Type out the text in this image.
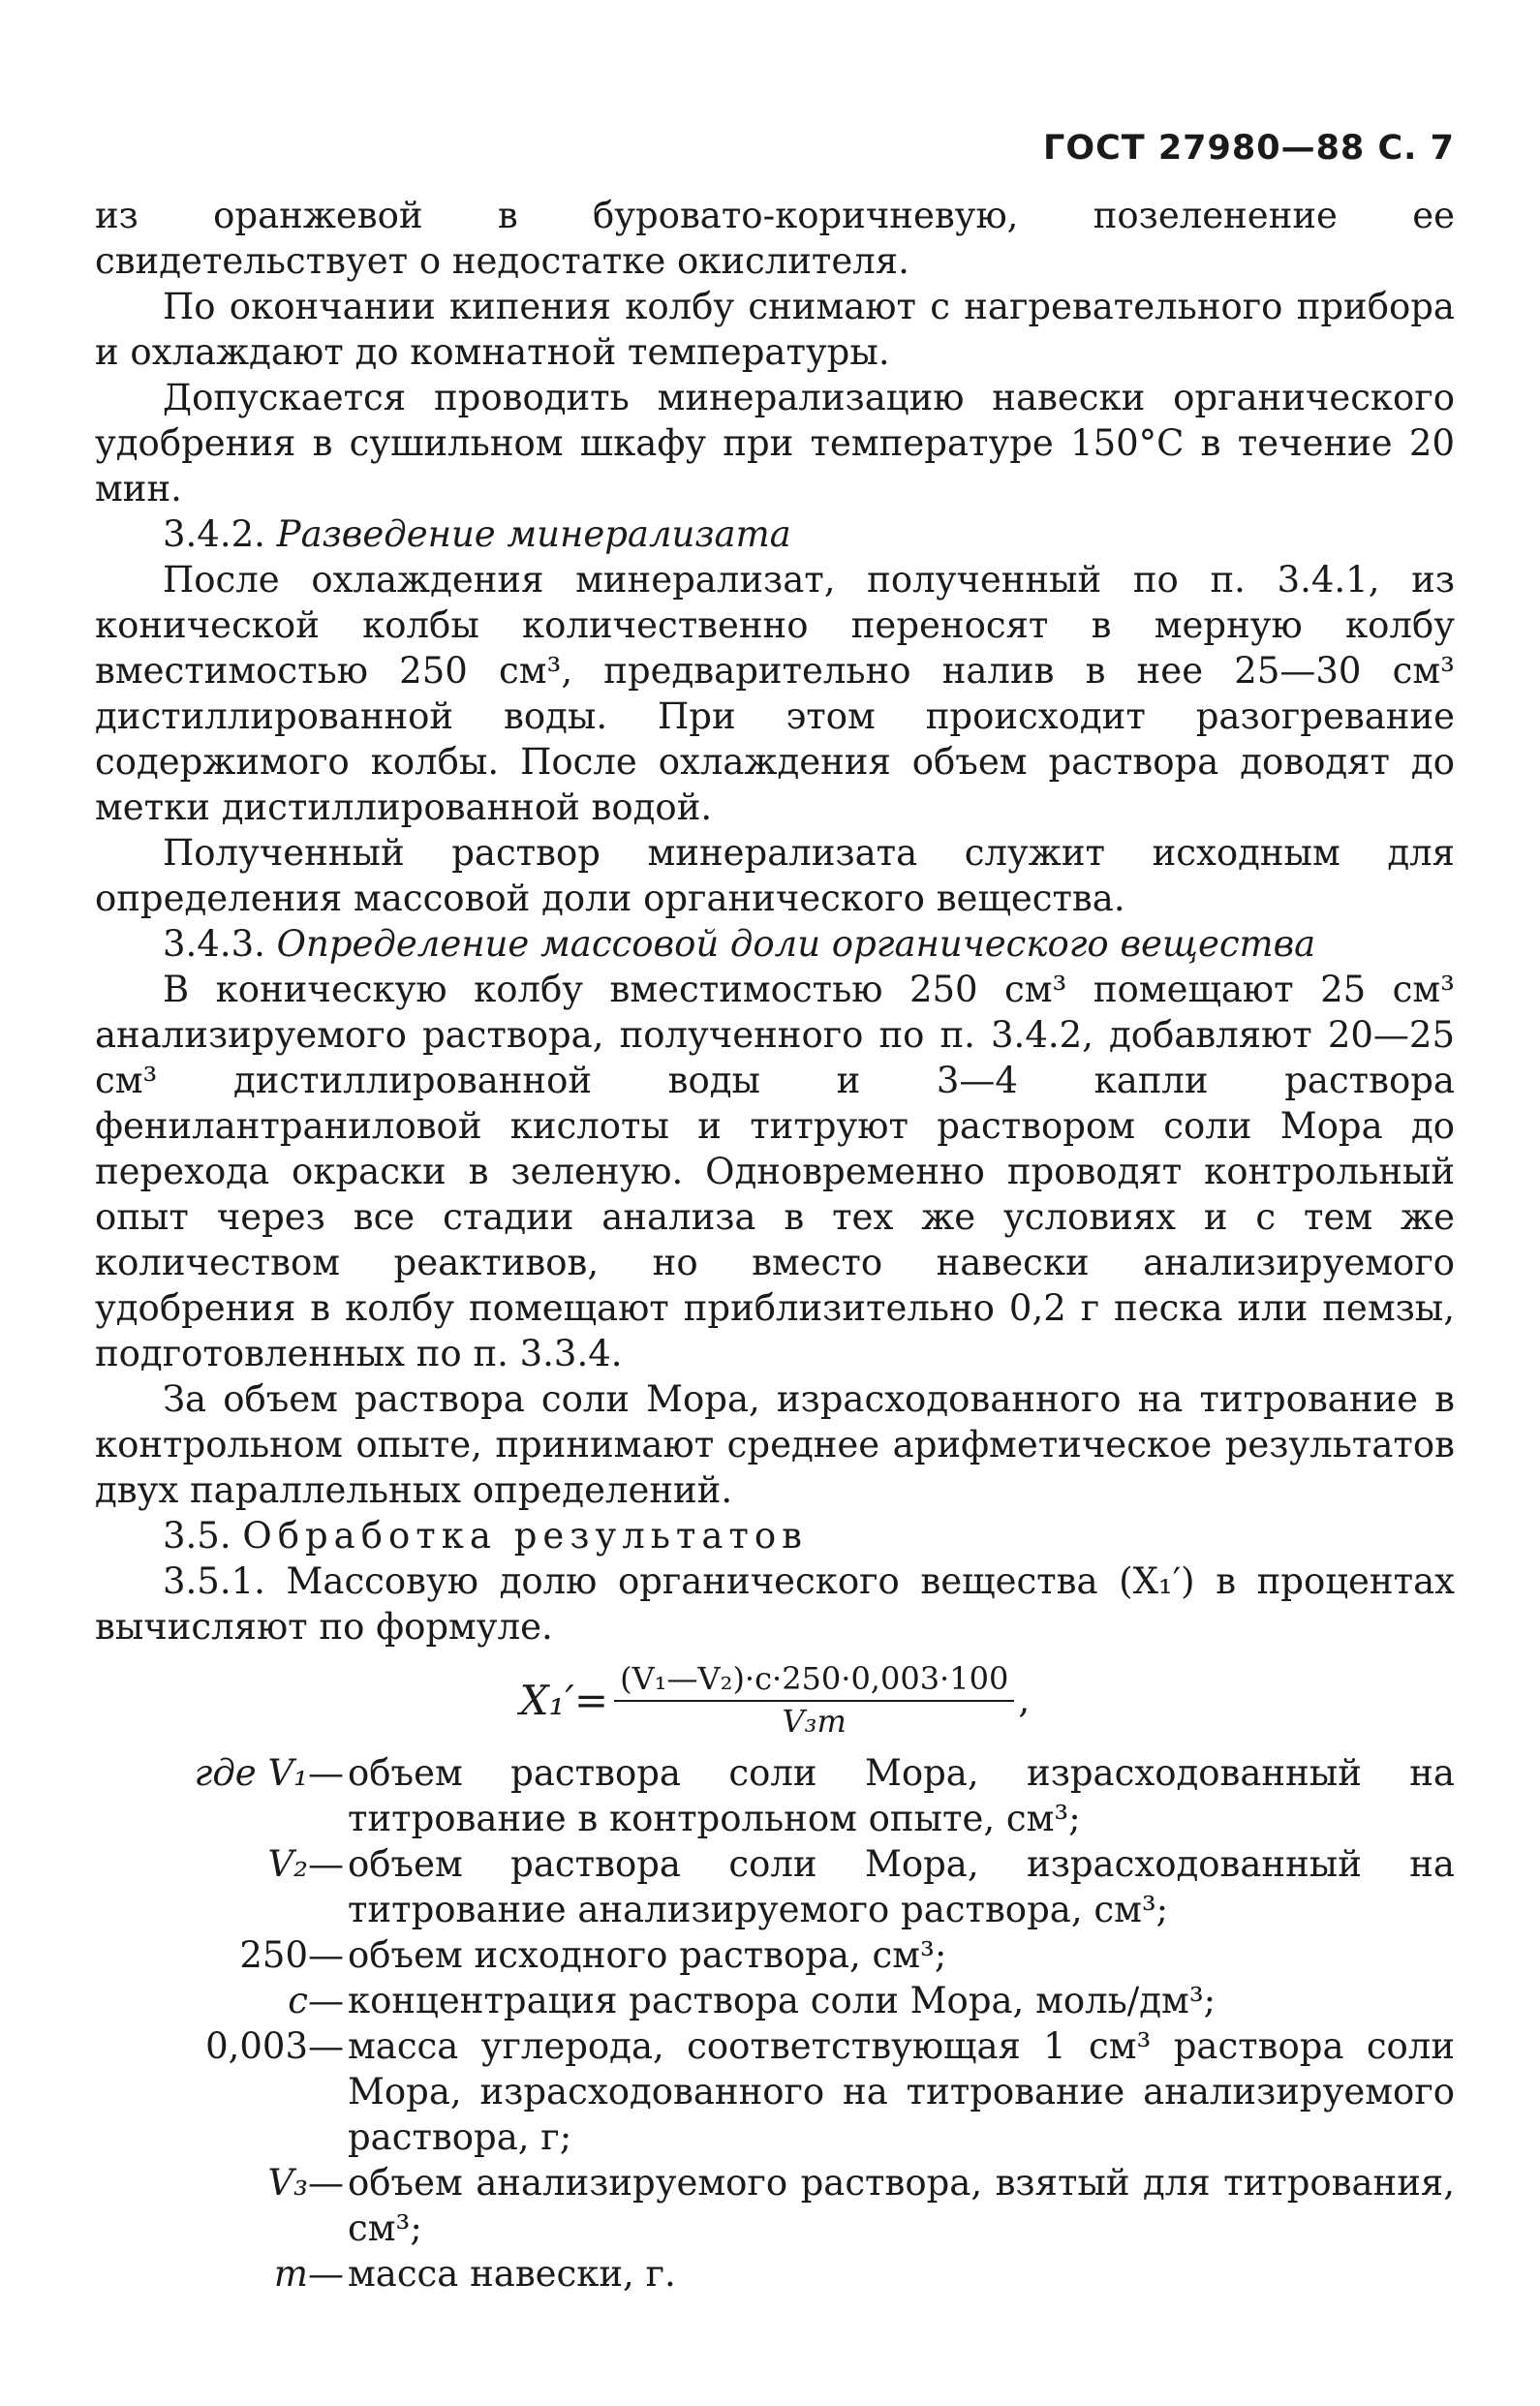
ГОСТ 27980—88 С. 7

из оранжевой в буровато-коричневую, позеленение ее свидетельствует о недостатке окислителя.

По окончании кипения колбу снимают с нагревательного прибора и охлаждают до комнатной температуры.

Допускается проводить минерализацию навески органического удобрения в сушильном шкафу при температуре 150°С в течение 20 мин.

3.4.2. Разведение минерализата

После охлаждения минерализат, полученный по п. 3.4.1, из конической колбы количественно переносят в мерную колбу вместимостью 250 см³, предварительно налив в нее 25—30 см³ дистиллированной воды. При этом происходит разогревание содержимого колбы. После охлаждения объем раствора доводят до метки дистиллированной водой.

Полученный раствор минерализата служит исходным для определения массовой доли органического вещества.

3.4.3. Определение массовой доли органического вещества

В коническую колбу вместимостью 250 см³ помещают 25 см³ анализируемого раствора, полученного по п. 3.4.2, добавляют 20—25 см³ дистиллированной воды и 3—4 капли раствора фенилантраниловой кислоты и титруют раствором соли Мора до перехода окраски в зеленую. Одновременно проводят контрольный опыт через все стадии анализа в тех же условиях и с тем же количеством реактивов, но вместо навески анализируемого удобрения в колбу помещают приблизительно 0,2 г песка или пемзы, подготовленных по п. 3.3.4.

За объем раствора соли Мора, израсходованного на титрование в контрольном опыте, принимают среднее арифметическое результатов двух параллельных определений.

3.5. Обработка результатов

3.5.1. Массовую долю органического вещества (X₁′) в процентах вычисляют по формуле.

$X_1'= \frac{\text{(V₁—V₂)·c·250·0,003·100}}{\text{V₃m}}$ ,
где V₁ — объем раствора соли Мора, израсходованный на титрование в контрольном опыте, см³;
V₂ — объем раствора соли Мора, израсходованный на титрование анализируемого раствора, см³;
250 — объем исходного раствора, см³;
c — концентрация раствора соли Мора, моль/дм³;
0,003 — масса углерода, соответствующая 1 см³ раствора соли Мора, израсходованного на титрование анализируемого раствора, г;
V₃ — объем анализируемого раствора, взятый для титрования, см³;
m — масса навески, г.
